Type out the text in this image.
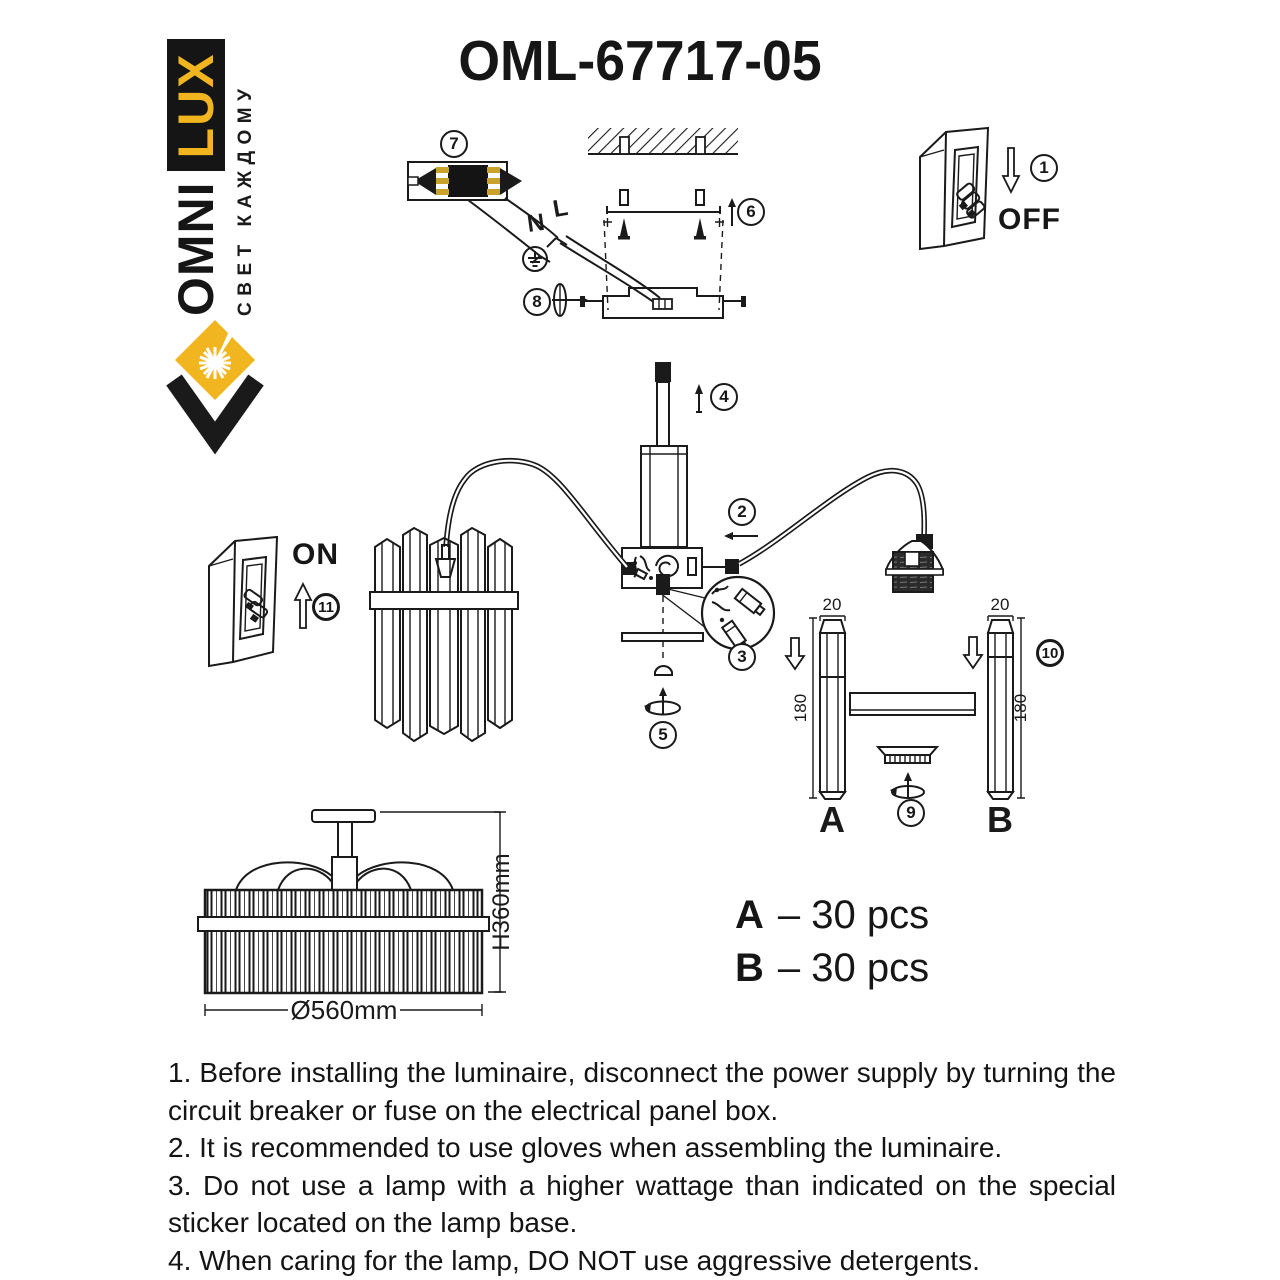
OMNI
LUX СВЕТ КАЖДОМУ
OML-67717-05
N
L	OFF
ON
20
180
A
20
180
B
H360mm
Ø560mm
1
2
3
4
5
6
7
8
9
10
11
A – 30 pcs
B – 30 pcs

1. Before installing the luminaire, disconnect the power supply by turning the circuit breaker or fuse on the electrical panel box.

2. It is recommended to use gloves when assembling the luminaire.

3. Do not use a lamp with a higher wattage than indicated on the special sticker located on the lamp base.

4. When caring for the lamp, DO NOT use aggressive detergents.
